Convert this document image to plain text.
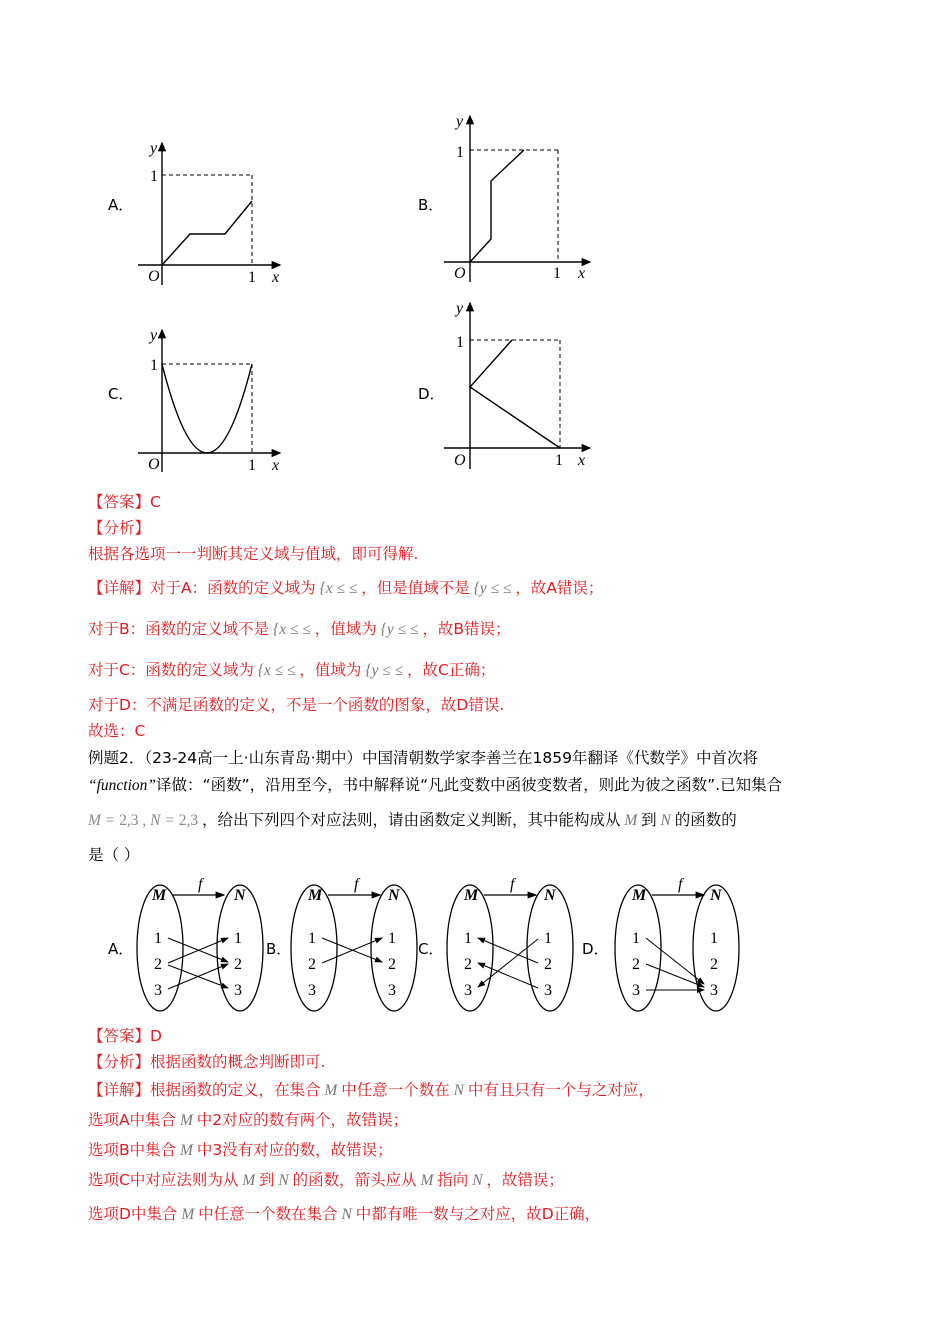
A．
y
1
O	1 x
B．
y
1
O	1 x
C．
y
1
O	1 x
D．
y
1
O	1 x
【答案】C
【分析】
根据各选项一一判断其定义域与值域，即可得解.
【详解】对于A：函数的定义域为 {x ≤ ≤ ，但是值域不是 {y ≤ ≤ ，故A错误；
对于B：函数的定义域不是 {x ≤ ≤ ，值域为 {y ≤ ≤ ，故B错误；
对于C：函数的定义域为 {x ≤ ≤ ，值域为 {y ≤ ≤ ，故C正确；
对于D：不满足函数的定义，不是一个函数的图象，故D错误.
故选：C
例题2．（23-24高一上·山东青岛·期中）中国清朝数学家李善兰在1859年翻译《代数学》中首次将
“function”译做：“函数”，沿用至今，书中解释说“凡此变数中函彼变数者，则此为彼之函数”.已知集合
M = 2,3 , N = 2,3 ，给出下列四个对应法则，请由函数定义判断，其中能构成从 M 到 N 的函数的
是（ ）
A．
M
f
N
1
2
3
1
2
3
B．
M
f
N
1
2
3
1
2
3
C．
M
f
N
1
2
3
1
2
3
D．
M
f
N
1
2
3
1
2
3
【答案】D
【分析】根据函数的概念判断即可.
【详解】根据函数的定义，在集合 M 中任意一个数在 N 中有且只有一个与之对应，
选项A中集合 M 中2对应的数有两个，故错误；
选项B中集合 M 中3没有对应的数，故错误；
选项C中对应法则为从 M 到 N 的函数，箭头应从 M 指向 N ，故错误；
选项D中集合 M 中任意一个数在集合 N 中都有唯一数与之对应，故D正确，
